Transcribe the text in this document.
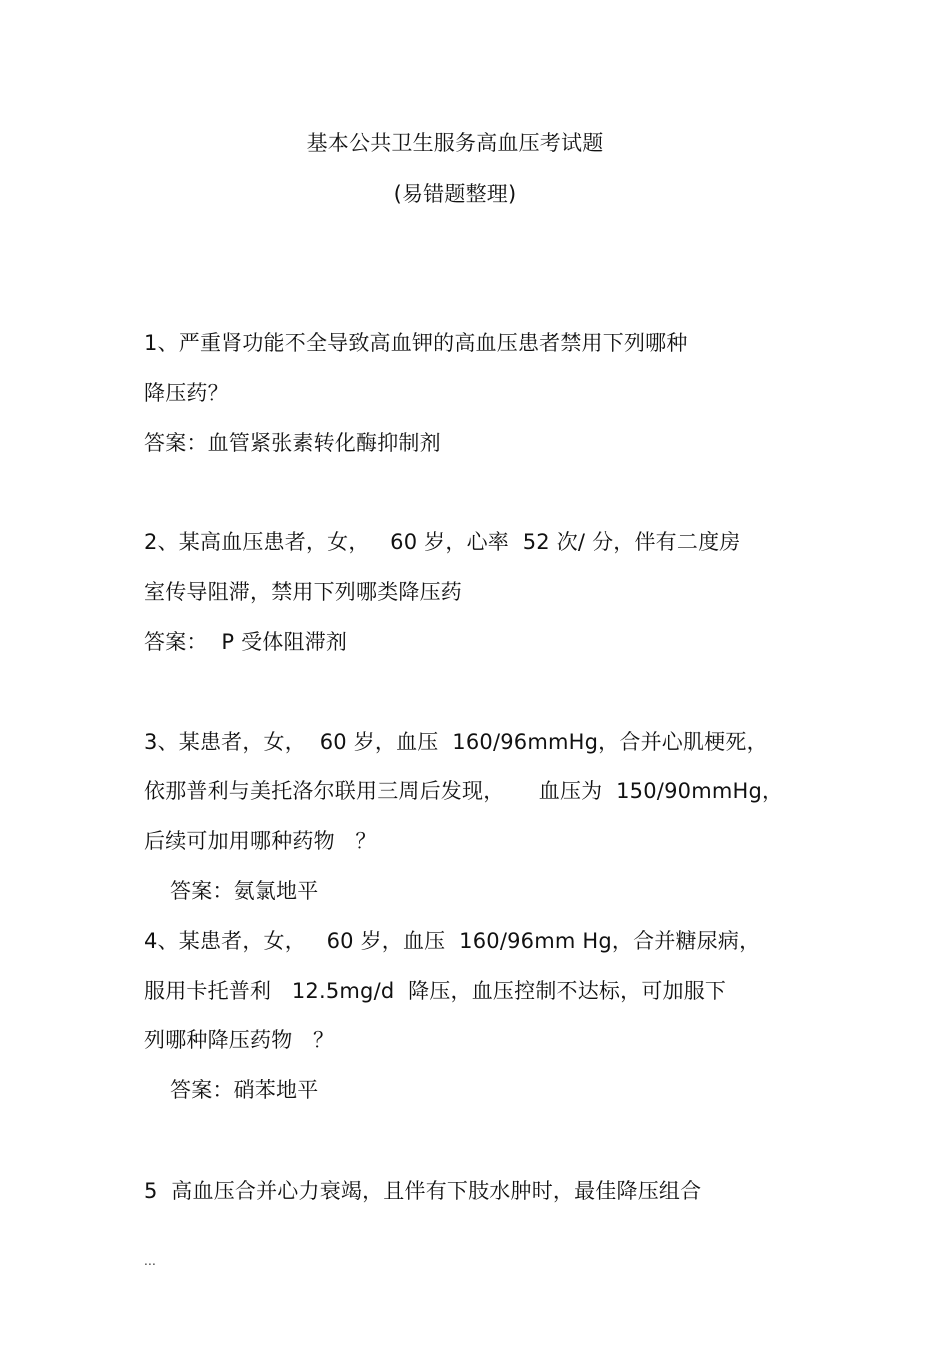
基本公共卫生服务高血压考试题
(易错题整理)
1、严重肾功能不全导致高血钾的高血压患者禁用下列哪种
降压药？
答案：血管紧张素转化酶抑制剂
2、某高血压患者，女，   60 岁，心率  52 次/ 分，伴有二度房
室传导阻滞，禁用下列哪类降压药
答案：  P 受体阻滞剂
3、某患者，女，  60 岁，血压  160/96mmHg，合并心肌梗死，
依那普利与美托洛尔联用三周后发现，     血压为  150/90mmHg，
后续可加用哪种药物   ？
答案：氨氯地平
4、某患者，女，   60 岁，血压  160/96mm Hg，合并糖尿病，
服用卡托普利   12.5mg/d  降压，血压控制不达标，可加服下
列哪种降压药物   ？
答案：硝苯地平
5  高血压合并心力衰竭，且伴有下肢水肿时，最佳降压组合
...
